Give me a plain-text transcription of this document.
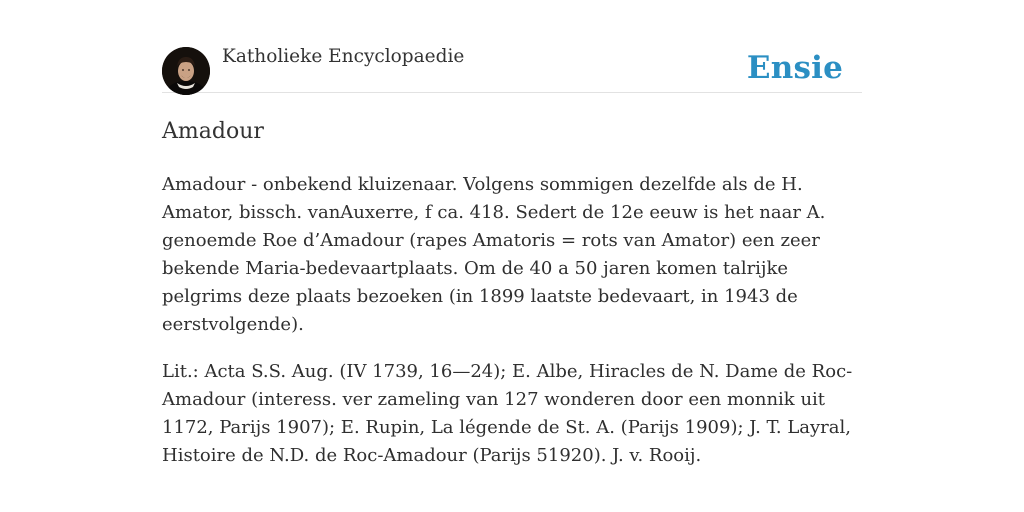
Katholieke Encyclopaedie	Ensie
Amadour

Amadour - onbekend kluizenaar. Volgens sommigen dezelfde als de H. Amator, bissch. vanAuxerre, f ca. 418. Sedert de 12e eeuw is het naar A. genoemde Roe d’Amadour (rapes Amatoris = rots van Amator) een zeer bekende Maria-bedevaartplaats. Om de 40 a 50 jaren komen talrijke pelgrims deze plaats bezoeken (in 1899 laatste bedevaart, in 1943 de eerstvolgende).

Lit.: Acta S.S. Aug. (IV 1739, 16—24); E. Albe, Hiracles de N. Dame de Roc-Amadour (interess. ver zameling van 127 wonderen door een monnik uit 1172, Parijs 1907); E. Rupin, La légende de St. A. (Parijs 1909); J. T. Layral, Histoire de N.D. de Roc-Amadour (Parijs 51920). J. v. Rooij.
